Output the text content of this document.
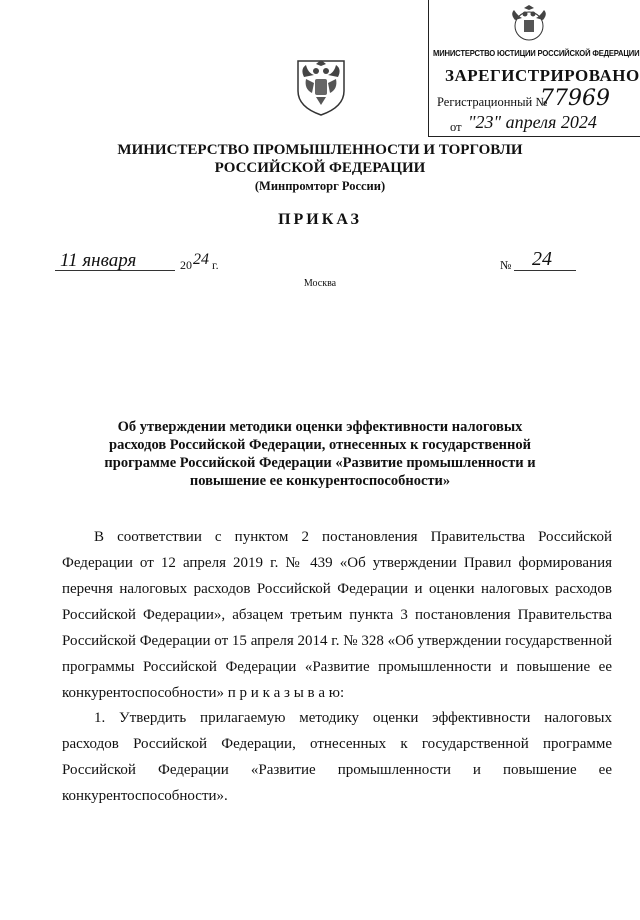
МИНИСТЕРСТВО ЮСТИЦИИ РОССИЙСКОЙ ФЕДЕРАЦИИ
ЗАРЕГИСТРИРОВАНО
Регистрационный №
77969
от "23" апреля 2024
МИНИСТЕРСТВО ПРОМЫШЛЕННОСТИ И ТОРГОВЛИ
РОССИЙСКОЙ ФЕДЕРАЦИИ
(Минпромторг России)
ПРИКАЗ
11 января	20 24 г.	№ 24
Москва
Об утверждении методики оценки эффективности налоговых расходов Российской Федерации, отнесенных к государственной программе Российской Федерации «Развитие промышленности и повышение ее конкурентоспособности»
В соответствии с пунктом 2 постановления Правительства Российской Федерации от 12 апреля 2019 г. № 439 «Об утверждении Правил формирования перечня налоговых расходов Российской Федерации и оценки налоговых расходов Российской Федерации», абзацем третьим пункта 3 постановления Правительства Российской Федерации от 15 апреля 2014 г. № 328 «Об утверждении государственной программы Российской Федерации «Развитие промышленности и повышение ее конкурентоспособности» п р и к а з ы в а ю:
1. Утвердить прилагаемую методику оценки эффективности налоговых расходов Российской Федерации, отнесенных к государственной программе Российской Федерации «Развитие промышленности и повышение ее конкурентоспособности».
